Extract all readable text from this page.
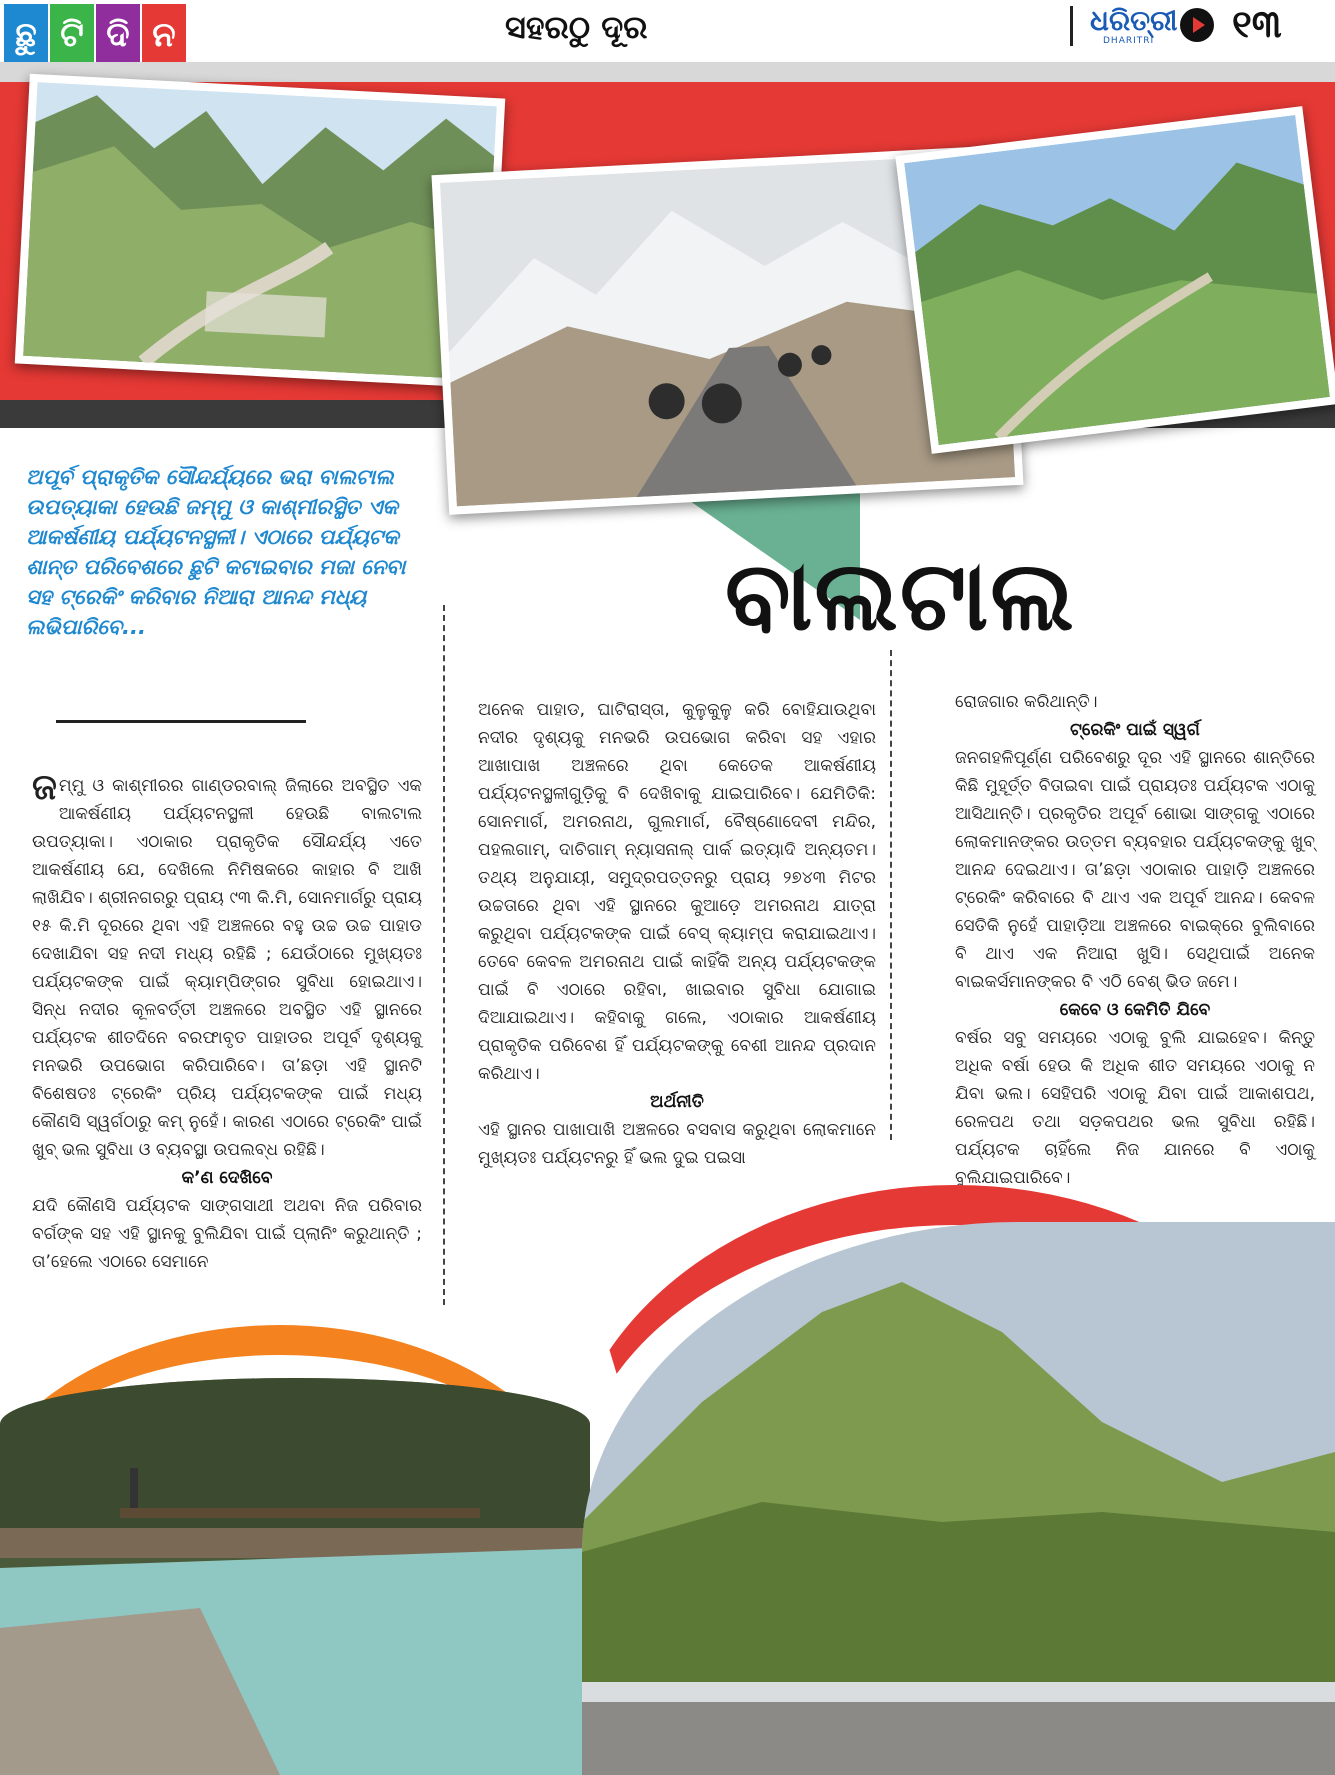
ଛୁ ଟି ଦି ନ	ସହରଠୁ ଦୂର	ଧରିତ୍ରୀ
DHARITRI ୧୩
ଅପୂର୍ବ ପ୍ରାକୃତିକ ସୌନ୍ଦର୍ଯ୍ୟରେ ଭରା ବାଲଟାଲ ଉପତ୍ୟାକା ହେଉଛି ଜମ୍ମୁ ଓ କାଶ୍ମୀରସ୍ଥିତ ଏକ ଆକର୍ଷଣୀୟ ପର୍ଯ୍ୟଟନସ୍ଥଳୀ। ଏଠାରେ ପର୍ଯ୍ୟଟକ ଶାନ୍ତ ପରିବେଶରେ ଛୁଟି କଟାଇବାର ମଜା ନେବା ସହ ଟ୍ରେକିଂ କରିବାର ନିଆରା ଆନନ୍ଦ ମଧ୍ୟ ଲଭିପାରିବେ...	ବାଲଟାଲ

ଜମ୍ମୁ ଓ କାଶ୍ମୀରର ଗାଣ୍ଡରବାଲ୍ ଜିଲାରେ ଅବସ୍ଥିତ ଏକ ଆକର୍ଷଣୀୟ ପର୍ଯ୍ୟଟନସ୍ଥଳୀ ହେଉଛି ବାଲଟାଲ ଉପତ୍ୟାକା। ଏଠାକାର ପ୍ରାକୃତିକ ସୌନ୍ଦର୍ଯ୍ୟ ଏତେ ଆକର୍ଷଣୀୟ ଯେ, ଦେଖିଲେ ନିମିଷକରେ କାହାର ବି ଆଖି ଲାଖିଯିବ। ଶ୍ରୀନଗରରୁ ପ୍ରାୟ ୯୩ କି.ମି, ସୋନମାର୍ଗରୁ ପ୍ରାୟ ୧୫ କି.ମି ଦୂରରେ ଥିବା ଏହି ଅଞ୍ଚଳରେ ବହୁ ଉଚ୍ଚ ଉଚ୍ଚ ପାହାଡ ଦେଖାଯିବା ସହ ନଦୀ ମଧ୍ୟ ରହିଛି ; ଯେଉଁଠାରେ ମୁଖ୍ୟତଃ ପର୍ଯ୍ୟଟକଙ୍କ ପାଇଁ କ୍ୟାମ୍ପିଙ୍ଗର ସୁବିଧା ହୋଇଥାଏ। ସିନ୍ଧ ନଦୀର କୂଳବର୍ତ୍ତୀ ଅଞ୍ଚଳରେ ଅବସ୍ଥିତ ଏହି ସ୍ଥାନରେ ପର୍ଯ୍ୟଟକ ଶୀତଦିନେ ବରଫାବୃତ ପାହାଡର ଅପୂର୍ବ ଦୃଶ୍ୟକୁ ମନଭରି ଉପଭୋଗ କରିପାରିବେ। ତା’ଛଡ଼ା ଏହି ସ୍ଥାନଟି ବିଶେଷତଃ ଟ୍ରେକିଂ ପ୍ରିୟ ପର୍ଯ୍ୟଟକଙ୍କ ପାଇଁ ମଧ୍ୟ କୌଣସି ସ୍ୱର୍ଗଠାରୁ କମ୍ ନୁହେଁ। କାରଣ ଏଠାରେ ଟ୍ରେକିଂ ପାଇଁ ଖୁବ୍ ଭଲ ସୁବିଧା ଓ ବ୍ୟବସ୍ଥା ଉପଲବ୍ଧ ରହିଛି।

କ’ଣ ଦେଖିବେ

ଯଦି କୌଣସି ପର୍ଯ୍ୟଟକ ସାଙ୍ଗସାଥୀ ଅଥବା ନିଜ ପରିବାର ବର୍ଗଙ୍କ ସହ ଏହି ସ୍ଥାନକୁ ବୁଲିଯିବା ପାଇଁ ପ୍ଲାନିଂ କରୁଥାନ୍ତି ; ତା’ହେଲେ ଏଠାରେ ସେମାନେ

ଅନେକ ପାହାଡ, ଘାଟିରାସ୍ତା, କୁଳୁକୁଳୁ କରି ବୋହିଯାଉଥିବା ନଦୀର ଦୃଶ୍ୟକୁ ମନଭରି ଉପଭୋଗ କରିବା ସହ ଏହାର ଆଖାପାଖ ଅଞ୍ଚଳରେ ଥିବା କେତେକ ଆକର୍ଷଣୀୟ ପର୍ଯ୍ୟଟନସ୍ଥଳୀଗୁଡ଼ିକୁ ବି ଦେଖିବାକୁ ଯାଇପାରିବେ। ଯେମିତିକି: ସୋନମାର୍ଗ, ଅମରନାଥ, ଗୁଲମାର୍ଗ, ବୈଷ୍ଣୋଦେବୀ ମନ୍ଦିର, ପହଲଗାମ୍, ଦାଚିଗାମ୍ ନ୍ୟାସନାଲ୍ ପାର୍କ ଇତ୍ୟାଦି ଅନ୍ୟତମ। ତଥ୍ୟ ଅନୁଯାୟୀ, ସମୁଦ୍ରପତ୍ତନରୁ ପ୍ରାୟ ୨୭୪୩ ମିଟର ଉଚ୍ଚତାରେ ଥିବା ଏହି ସ୍ଥାନରେ କୁଆଡ଼େ ଅମରନାଥ ଯାତ୍ରା କରୁଥିବା ପର୍ଯ୍ୟଟକଙ୍କ ପାଇଁ ବେସ୍ କ୍ୟାମ୍ପ କରାଯାଇଥାଏ। ତେବେ କେବଳ ଅମରନାଥ ପାଇଁ କାହିଁକି ଅନ୍ୟ ପର୍ଯ୍ୟଟକଙ୍କ ପାଇଁ ବି ଏଠାରେ ରହିବା, ଖାଇବାର ସୁବିଧା ଯୋଗାଇ ଦିଆଯାଇଥାଏ। କହିବାକୁ ଗଲେ, ଏଠାକାର ଆକର୍ଷଣୀୟ ପ୍ରାକୃତିକ ପରିବେଶ ହିଁ ପର୍ଯ୍ୟଟକଙ୍କୁ ବେଶୀ ଆନନ୍ଦ ପ୍ରଦାନ କରିଥାଏ।

ଅର୍ଥନୀତି

ଏହି ସ୍ଥାନର ପାଖାପାଖି ଅଞ୍ଚଳରେ ବସବାସ କରୁଥିବା ଲୋକମାନେ ମୁଖ୍ୟତଃ ପର୍ଯ୍ୟଟନରୁ ହିଁ ଭଲ ଦୁଇ ପଇସା

ରୋଜଗାର କରିଥାନ୍ତି।

ଟ୍ରେକିଂ ପାଇଁ ସ୍ୱର୍ଗ

ଜନଗହଳିପୂର୍ଣ୍ଣ ପରିବେଶରୁ ଦୂର ଏହି ସ୍ଥାନରେ ଶାନ୍ତିରେ କିଛି ମୁହୂର୍ତ୍ତ ବିତାଇବା ପାଇଁ ପ୍ରାୟତଃ ପର୍ଯ୍ୟଟକ ଏଠାକୁ ଆସିଥାନ୍ତି। ପ୍ରକୃତିର ଅପୂର୍ବ ଶୋଭା ସାଙ୍ଗକୁ ଏଠାରେ ଲୋକମାନଙ୍କର ଉତ୍ତମ ବ୍ୟବହାର ପର୍ଯ୍ୟଟକଙ୍କୁ ଖୁବ୍ ଆନନ୍ଦ ଦେଇଥାଏ। ତା’ଛଡ଼ା ଏଠାକାର ପାହାଡ଼ି ଅଞ୍ଚଳରେ ଟ୍ରେକିଂ କରିବାରେ ବି ଥାଏ ଏକ ଅପୂର୍ବ ଆନନ୍ଦ। କେବଳ ସେତିକି ନୁହେଁ ପାହାଡ଼ିଆ ଅଞ୍ଚଳରେ ବାଇକ୍‌ରେ ବୁଲିବାରେ ବି ଥାଏ ଏକ ନିଆରା ଖୁସି। ସେଥିପାଇଁ ଅନେକ ବାଇକର୍ସମାନଙ୍କର ବି ଏଠି ବେଶ୍ ଭିଡ ଜମେ।

କେବେ ଓ କେମିତି ଯିବେ

ବର୍ଷର ସବୁ ସମୟରେ ଏଠାକୁ ବୁଲି ଯାଇହେବ। କିନ୍ତୁ ଅଧିକ ବର୍ଷା ହେଉ କି ଅଧିକ ଶୀତ ସମୟରେ ଏଠାକୁ ନ ଯିବା ଭଲ। ସେହିପରି ଏଠାକୁ ଯିବା ପାଇଁ ଆକାଶପଥ, ରେଳପଥ ତଥା ସଡ଼କପଥର ଭଲ ସୁବିଧା ରହିଛି। ପର୍ଯ୍ୟଟକ ଚାହିଁଲେ ନିଜ ଯାନରେ ବି ଏଠାକୁ ବୁଲିଯାଇପାରିବେ।
